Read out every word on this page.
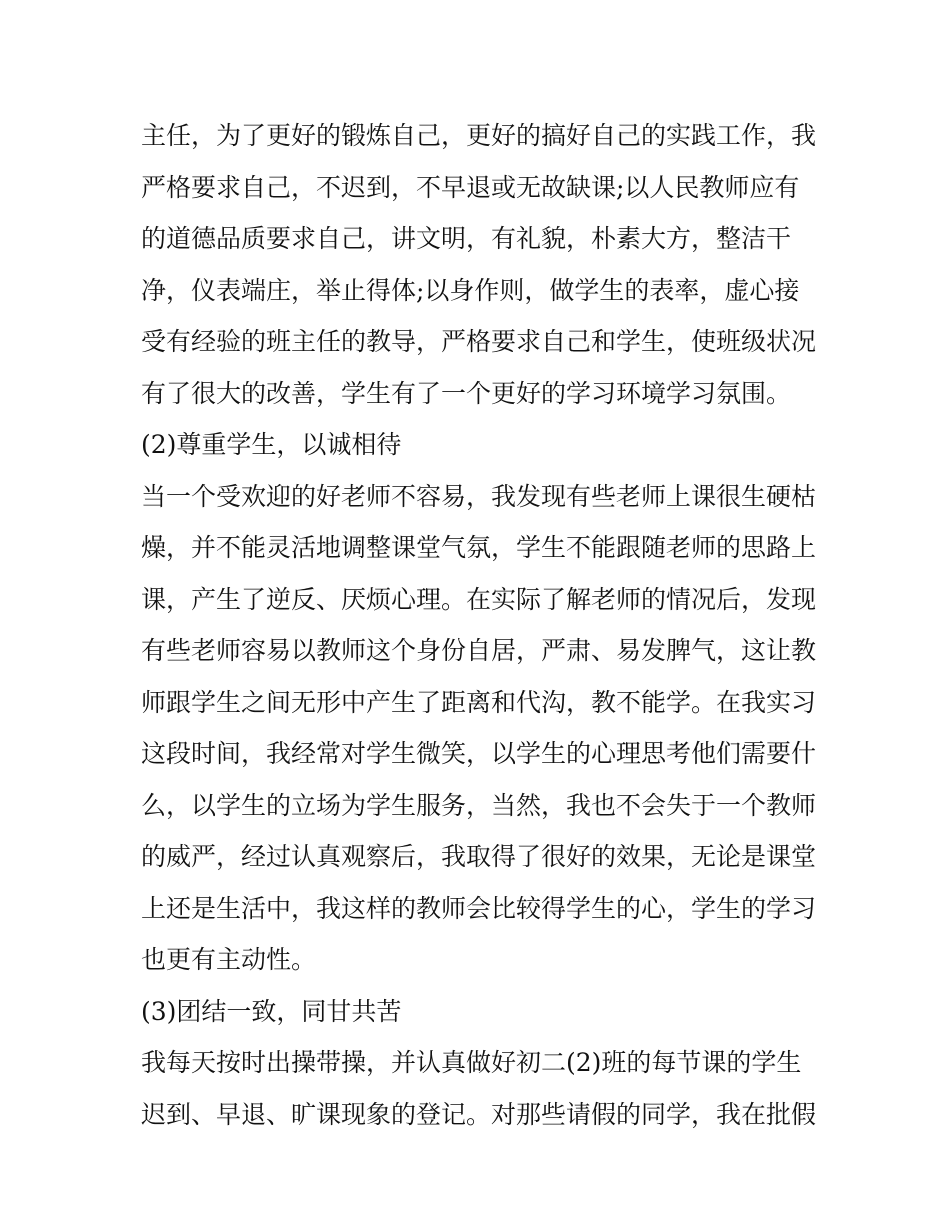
主任，为了更好的锻炼自己，更好的搞好自己的实践工作，我
严格要求自己，不迟到，不早退或无故缺课;以人民教师应有
的道德品质要求自己，讲文明，有礼貌，朴素大方，整洁干
净，仪表端庄，举止得体;以身作则，做学生的表率，虚心接
受有经验的班主任的教导，严格要求自己和学生，使班级状况
有了很大的改善，学生有了一个更好的学习环境学习氛围。
(2)尊重学生，以诚相待
当一个受欢迎的好老师不容易，我发现有些老师上课很生硬枯
燥，并不能灵活地调整课堂气氛，学生不能跟随老师的思路上
课，产生了逆反、厌烦心理。在实际了解老师的情况后，发现
有些老师容易以教师这个身份自居，严肃、易发脾气，这让教
师跟学生之间无形中产生了距离和代沟，教不能学。在我实习
这段时间，我经常对学生微笑，以学生的心理思考他们需要什
么，以学生的立场为学生服务，当然，我也不会失于一个教师
的威严，经过认真观察后，我取得了很好的效果，无论是课堂
上还是生活中，我这样的教师会比较得学生的心，学生的学习
也更有主动性。
(3)团结一致，同甘共苦
我每天按时出操带操，并认真做好初二(2)班的每节课的学生
迟到、早退、旷课现象的登记。对那些请假的同学，我在批假
